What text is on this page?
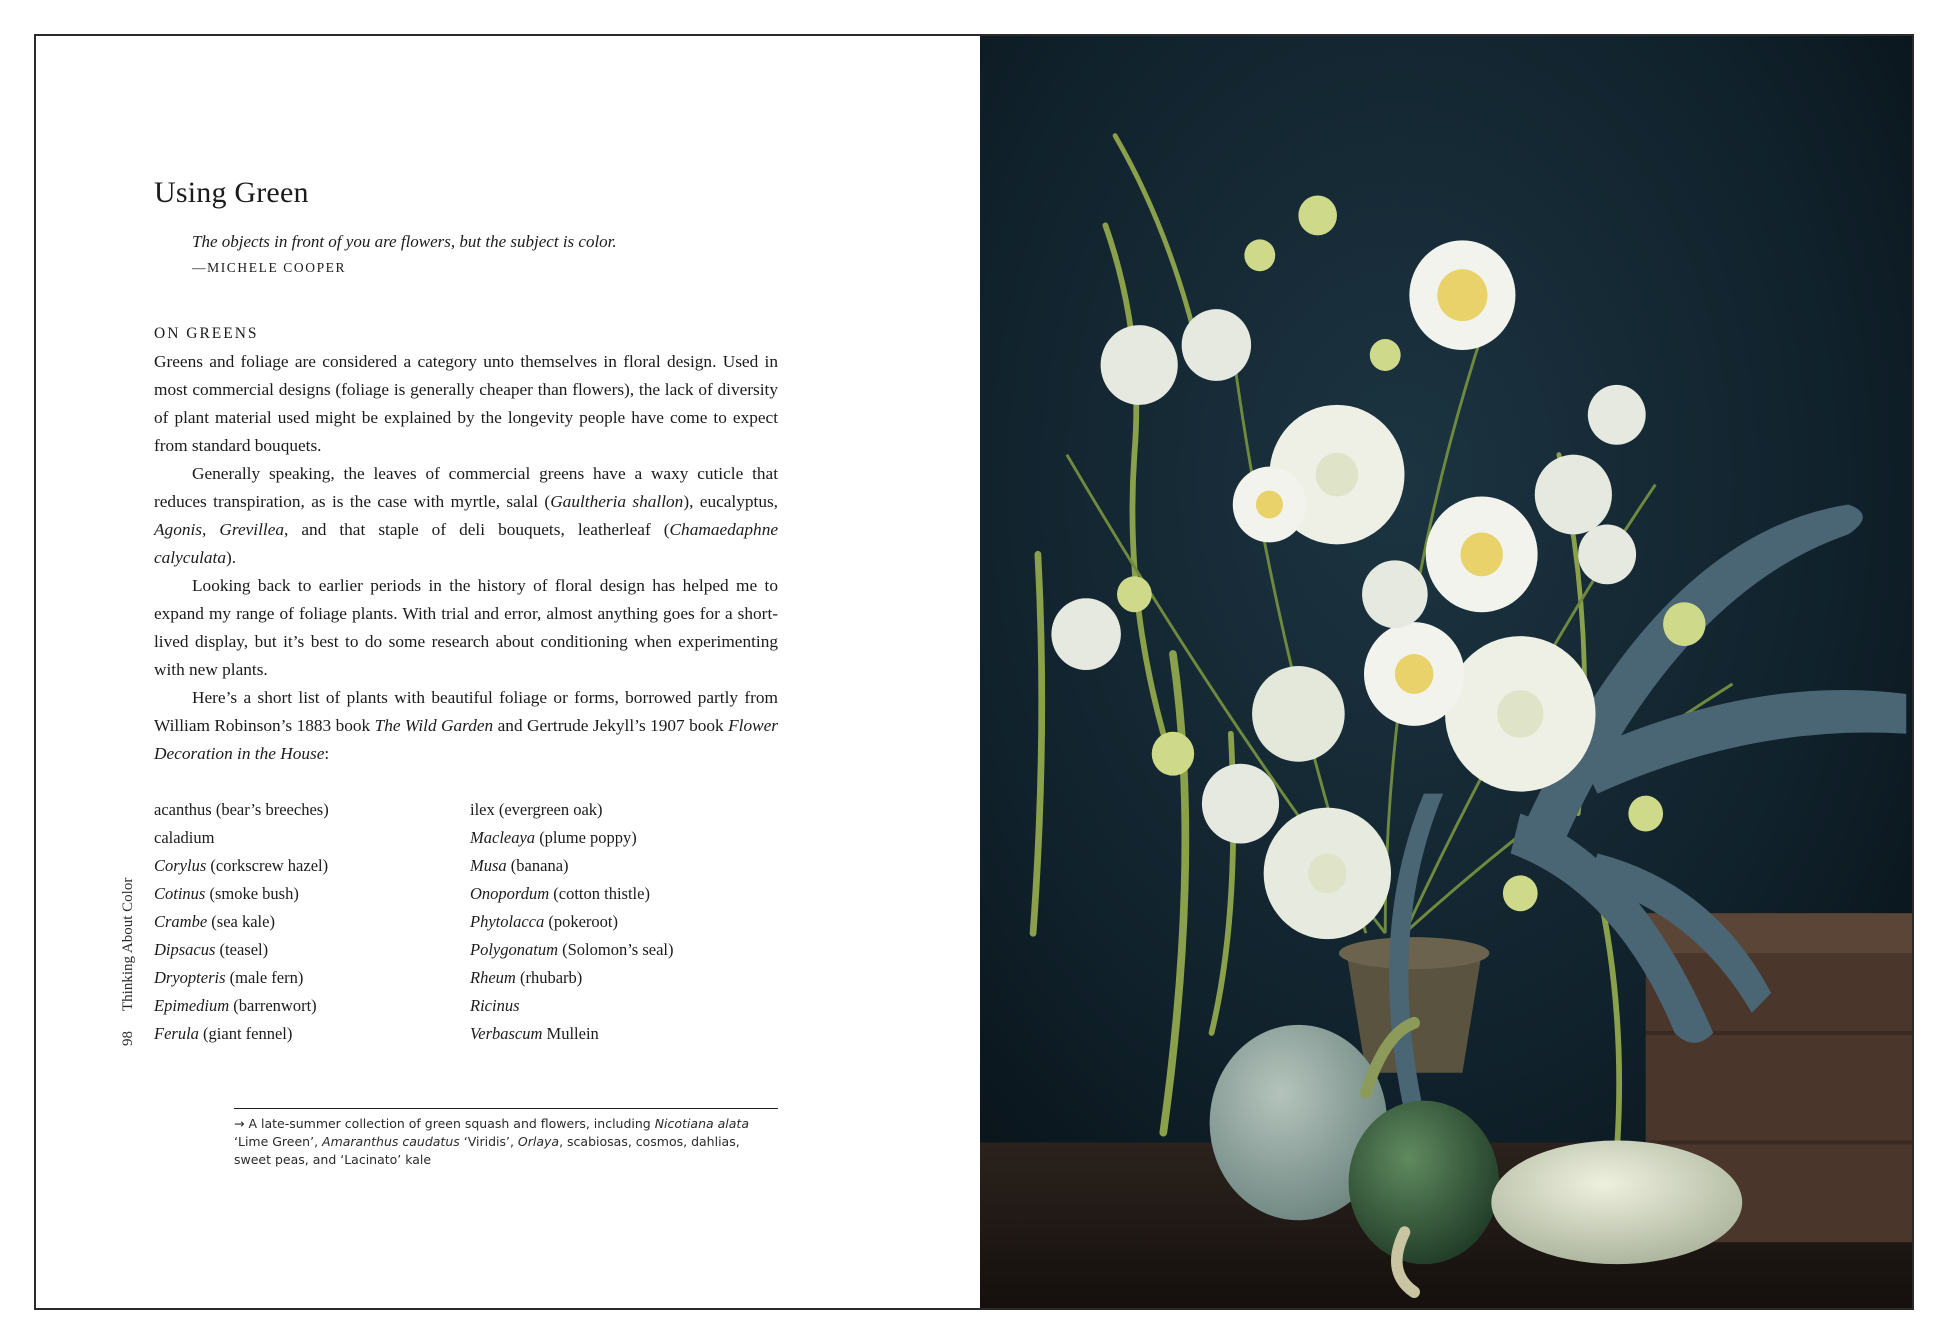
98
Thinking About Color
Using Green
The objects in front of you are flowers, but the subject is color.
—MICHELE COOPER
ON GREENS

Greens and foliage are considered a category unto themselves in floral design. Used in most commercial designs (foliage is generally cheaper than flowers), the lack of diversity of plant material used might be explained by the longevity people have come to expect from standard bouquets.

Generally speaking, the leaves of commercial greens have a waxy cuticle that reduces transpiration, as is the case with myrtle, salal (Gaultheria shallon), eucalyptus, Agonis, Grevillea, and that staple of deli bouquets, leatherleaf (Chamaedaphne calyculata).

Looking back to earlier periods in the history of floral design has helped me to expand my range of foliage plants. With trial and error, almost anything goes for a short-lived display, but it’s best to do some research about conditioning when experimenting with new plants.

Here’s a short list of plants with beautiful foliage or forms, borrowed partly from William Robinson’s 1883 book The Wild Garden and Gertrude Jekyll’s 1907 book Flower Decoration in the House:

acanthus (bear’s breeches)
caladium
Corylus (corkscrew hazel)
Cotinus (smoke bush)
Crambe (sea kale)
Dipsacus (teasel)
Dryopteris (male fern)
Epimedium (barrenwort)
Ferula (giant fennel)
ilex (evergreen oak)
Macleaya (plume poppy)
Musa (banana)
Onopordum (cotton thistle)
Phytolacca (pokeroot)
Polygonatum (Solomon’s seal)
Rheum (rhubarb)
Ricinus
Verbascum Mullein
→ A late-summer collection of green squash and flowers, including Nicotiana alata ‘Lime Green’, Amaranthus caudatus ‘Viridis’, Orlaya, scabiosas, cosmos, dahlias, sweet peas, and ‘Lacinato’ kale
